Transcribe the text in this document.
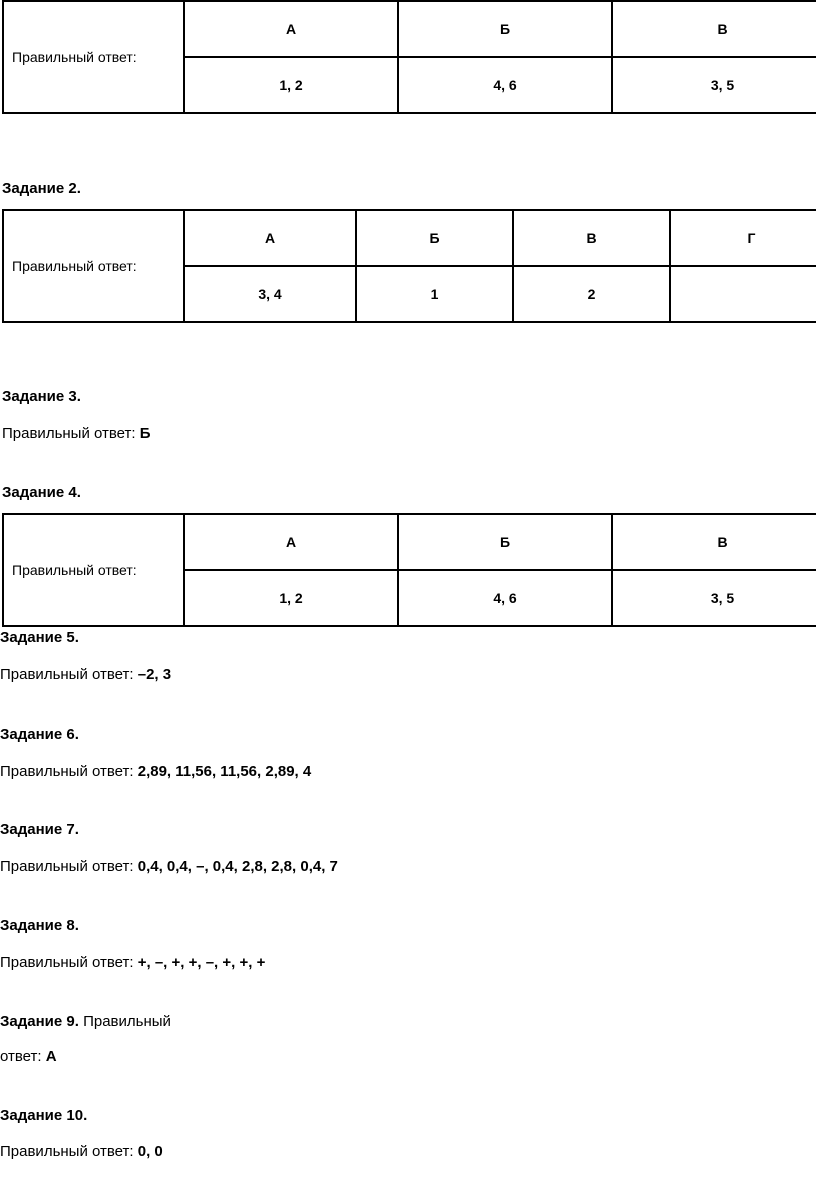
Правильный ответ:	А	Б	В
	1, 2	4, 6	3, 5
Задание 2.
Правильный ответ:	А	Б	В	Г
	3, 4	1	2	
Задание 3.
Правильный ответ: Б
Задание 4.
Правильный ответ:	А	Б	В
	1, 2	4, 6	3, 5
Задание 5.
Правильный ответ: –2, 3
Задание 6.
Правильный ответ: 2,89, 11,56, 11,56, 2,89, 4
Задание 7.
Правильный ответ: 0,4, 0,4, –, 0,4, 2,8, 2,8, 0,4, 7
Задание 8.
Правильный ответ: +, –, +, +, –, +, +, +
Задание 9. Правильный
ответ: А
Задание 10.
Правильный ответ: 0, 0
